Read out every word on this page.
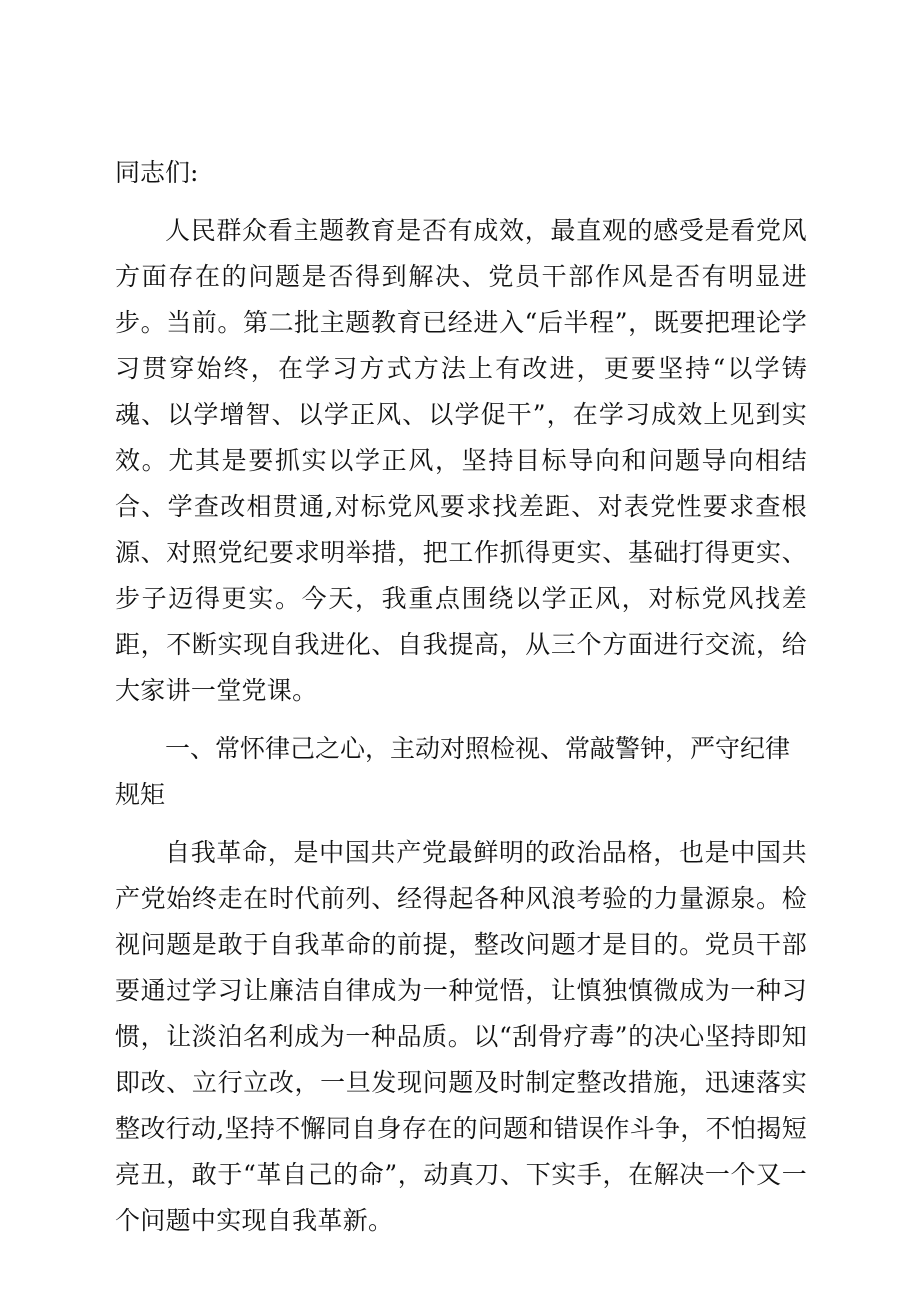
同志们:

人民群众看主题教育是否有成效，最直观的感受是看党风方面存在的问题是否得到解决、党员干部作风是否有明显进步。当前。第二批主题教育已经进入“后半程”，既要把理论学习贯穿始终，在学习方式方法上有改进，更要坚持“以学铸魂、以学增智、以学正风、以学促干”，在学习成效上见到实效。尤其是要抓实以学正风，坚持目标导向和问题导向相结合、学查改相贯通,对标党风要求找差距、对表党性要求查根源、对照党纪要求明举措，把工作抓得更实、基础打得更实、步子迈得更实。今天，我重点围绕以学正风，对标党风找差距，不断实现自我进化、自我提高，从三个方面进行交流，给大家讲一堂党课。

一、常怀律己之心，主动对照检视、常敲警钟，严守纪律规矩

自我革命，是中国共产党最鲜明的政治品格，也是中国共产党始终走在时代前列、经得起各种风浪考验的力量源泉。检视问题是敢于自我革命的前提，整改问题才是目的。党员干部要通过学习让廉洁自律成为一种觉悟，让慎独慎微成为一种习惯，让淡泊名利成为一种品质。以“刮骨疗毒”的决心坚持即知即改、立行立改，一旦发现问题及时制定整改措施，迅速落实整改行动,坚持不懈同自身存在的问题和错误作斗争，不怕揭短亮丑，敢于“革自己的命”，动真刀、下实手，在解决一个又一个问题中实现自我革新。
